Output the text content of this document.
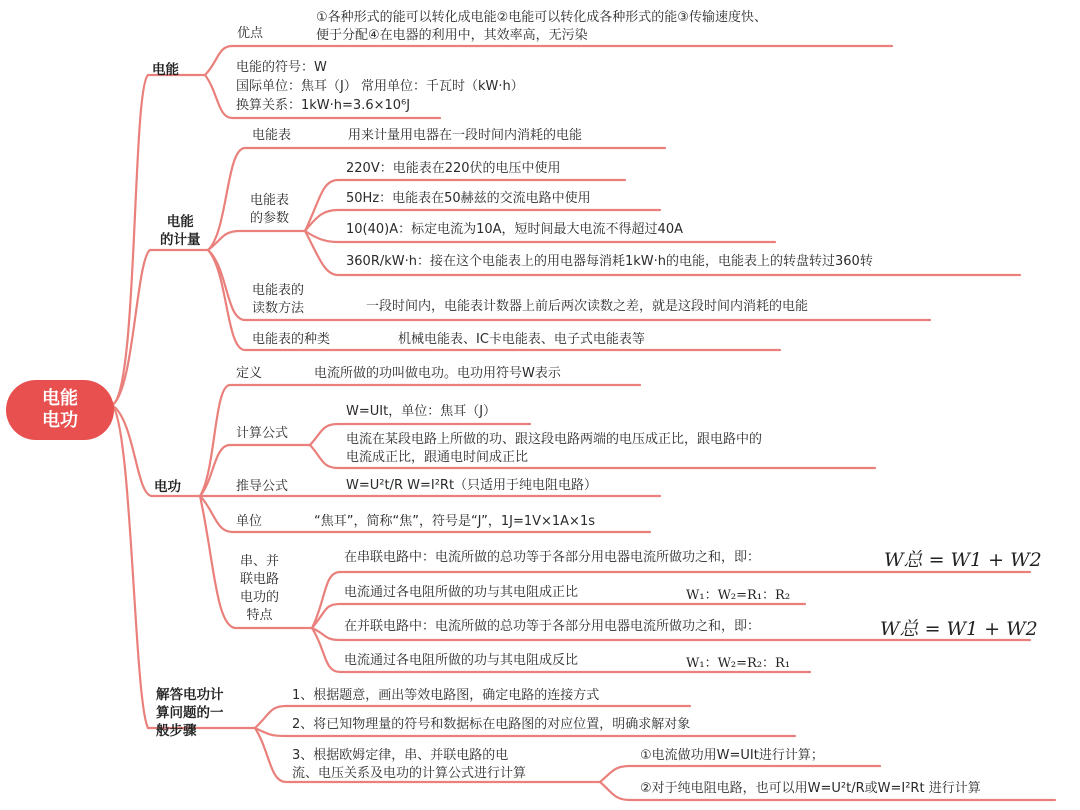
电能
电功
电能
优点
①各种形式的能可以转化成电能②电能可以转化成各种形式的能③传输速度快、
便于分配④在电器的利用中，其效率高，无污染
电能的符号：W
国际单位：焦耳（J） 常用单位：千瓦时（kW·h）
换算关系：1kW·h=3.6×10⁶J
电能
的计量
电能表	用来计量用电器在一段时间内消耗的电能
电能表
的参数
220V：电能表在220伏的电压中使用
50Hz：电能表在50赫兹的交流电路中使用
10(40)A：标定电流为10A，短时间最大电流不得超过40A
360R/kW·h：接在这个电能表上的用电器每消耗1kW·h的电能，电能表上的转盘转过360转
电能表的
读数方法	一段时间内，电能表计数器上前后两次读数之差，就是这段时间内消耗的电能
电能表的种类	机械电能表、IC卡电能表、电子式电能表等
电功
定义	电流所做的功叫做电功。电功用符号W表示
计算公式
W=UIt，单位：焦耳（J）
电流在某段电路上所做的功、跟这段电路两端的电压成正比，跟电路中的
电流成正比，跟通电时间成正比
推导公式	W=U²t/R W=I²Rt（只适用于纯电阻电路）
单位	“焦耳”，简称“焦”，符号是“J”，1J=1V×1A×1s
串、并
联电路
电功的
特点
在串联电路中：电流所做的总功等于各部分用电器电流所做功之和，即：	W总 = W1 + W2
电流通过各电阻所做的功与其电阻成正比	W₁：W₂=R₁：R₂
在并联电路中：电流所做的总功等于各部分用电器电流所做功之和，即：	W总 = W1 + W2
电流通过各电阻所做的功与其电阻成反比	W₁：W₂=R₂：R₁
解答电功计
算问题的一
般步骤
1、根据题意，画出等效电路图，确定电路的连接方式
2、将已知物理量的符号和数据标在电路图的对应位置，明确求解对象
3、根据欧姆定律，串、并联电路的电
流、电压关系及电功的计算公式进行计算
①电流做功用W=UIt进行计算；
②对于纯电阻电路，也可以用W=U²t/R或W=I²Rt 进行计算
